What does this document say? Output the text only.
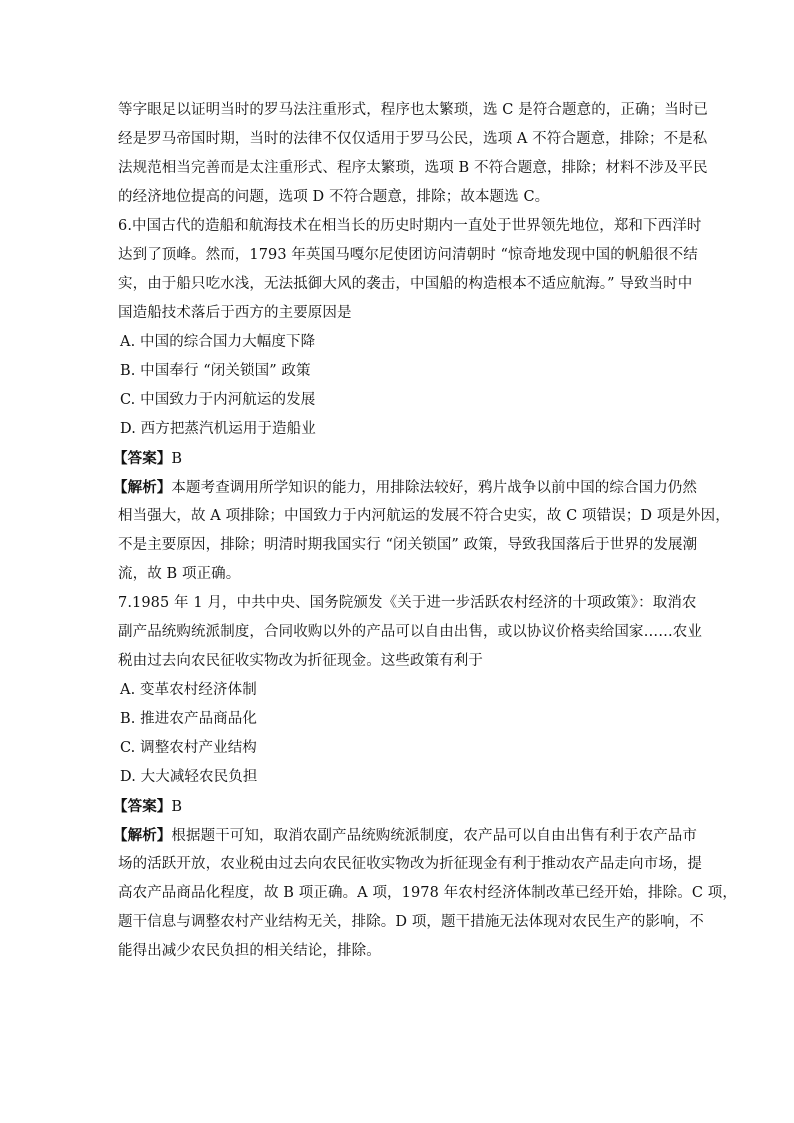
等字眼足以证明当时的罗马法注重形式，程序也太繁琐，选 C 是符合题意的，正确；当时已
经是罗马帝国时期，当时的法律不仅仅适用于罗马公民，选项 A 不符合题意，排除；不是私
法规范相当完善而是太注重形式、程序太繁琐，选项 B 不符合题意，排除；材料不涉及平民
的经济地位提高的问题，选项 D 不符合题意，排除；故本题选 C。
6.中国古代的造船和航海技术在相当长的历史时期内一直处于世界领先地位，郑和下西洋时
达到了顶峰。然而，1793 年英国马嘎尔尼使团访问清朝时 “惊奇地发现中国的帆船很不结
实，由于船只吃水浅，无法抵御大风的袭击，中国船的构造根本不适应航海。” 导致当时中
国造船技术落后于西方的主要原因是
A. 中国的综合国力大幅度下降
B. 中国奉行 “闭关锁国” 政策
C. 中国致力于内河航运的发展
D. 西方把蒸汽机运用于造船业
【答案】B
【解析】本题考查调用所学知识的能力，用排除法较好，鸦片战争以前中国的综合国力仍然
相当强大，故 A 项排除；中国致力于内河航运的发展不符合史实，故 C 项错误；D 项是外因，
不是主要原因，排除；明清时期我国实行 “闭关锁国” 政策，导致我国落后于世界的发展潮
流，故 B 项正确。
7.1985 年 1 月，中共中央、国务院颁发《关于进一步活跃农村经济的十项政策》：取消农
副产品统购统派制度，合同收购以外的产品可以自由出售，或以协议价格卖给国家……农业
税由过去向农民征收实物改为折征现金。这些政策有利于
A. 变革农村经济体制
B. 推进农产品商品化
C. 调整农村产业结构
D. 大大减轻农民负担
【答案】B
【解析】根据题干可知，取消农副产品统购统派制度，农产品可以自由出售有利于农产品市
场的活跃开放，农业税由过去向农民征收实物改为折征现金有利于推动农产品走向市场，提
高农产品商品化程度，故 B 项正确。A 项，1978 年农村经济体制改革已经开始，排除。C 项，
题干信息与调整农村产业结构无关，排除。D 项，题干措施无法体现对农民生产的影响，不
能得出减少农民负担的相关结论，排除。
